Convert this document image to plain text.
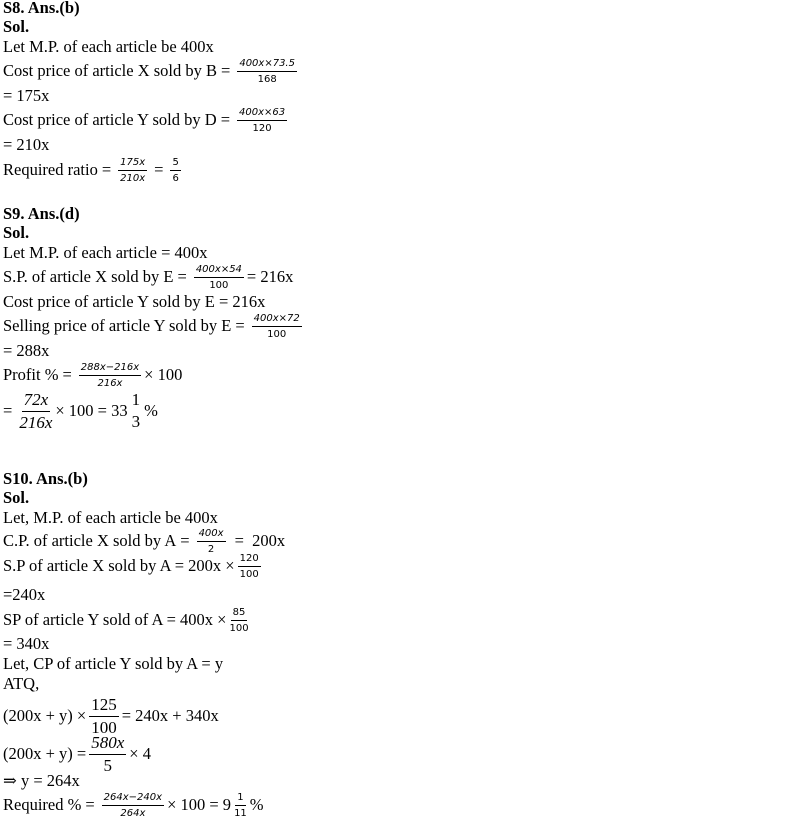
S8. Ans.(b)
Sol.
Let M.P. of each article be 400x
Cost price of article X sold by $B = \frac{400x\times 73.5}{168}$
= 175x
Cost price of article Y sold by $D = \frac{400x\times 63}{120}$
= 210x
Required ratio = $\frac{175x}{210x} = \frac{5}{6}$
S9. Ans.(d)
Sol.
Let M.P. of each article = 400x
S.P. of article X sold by $E = \frac{400x\times 54}{100} = 216x$
Cost price of article Y sold by E = 216x
Selling price of article Y sold by $E = \frac{400x\times 72}{100}$
= 288x
Profit % = $\frac{288x-216x}{216x} \times 100$
= $\frac{72x}{216x} \times 100 = 33$
1
3
%
S10. Ans.(b)
Sol.
Let, M.P. of each article be 400x
C.P. of article X sold by $A = \frac{400x}{2} = 200x$
S.P of article X sold by $A = 200x \times \frac{120}{100}$
=240x
SP of article Y sold of $A = 400x \times \frac{85}{100}$
= 340x
Let, CP of article Y sold by A = y
ATQ,
$(200x + y) \times \frac{125}{100} = 240x + 340x$
$(200x + y) = \frac{580x}{5} \times 4$
⇒ y = 264x
Required % = $\frac{264x-240x}{264x} \times 100 = 9$ 1
11 %
